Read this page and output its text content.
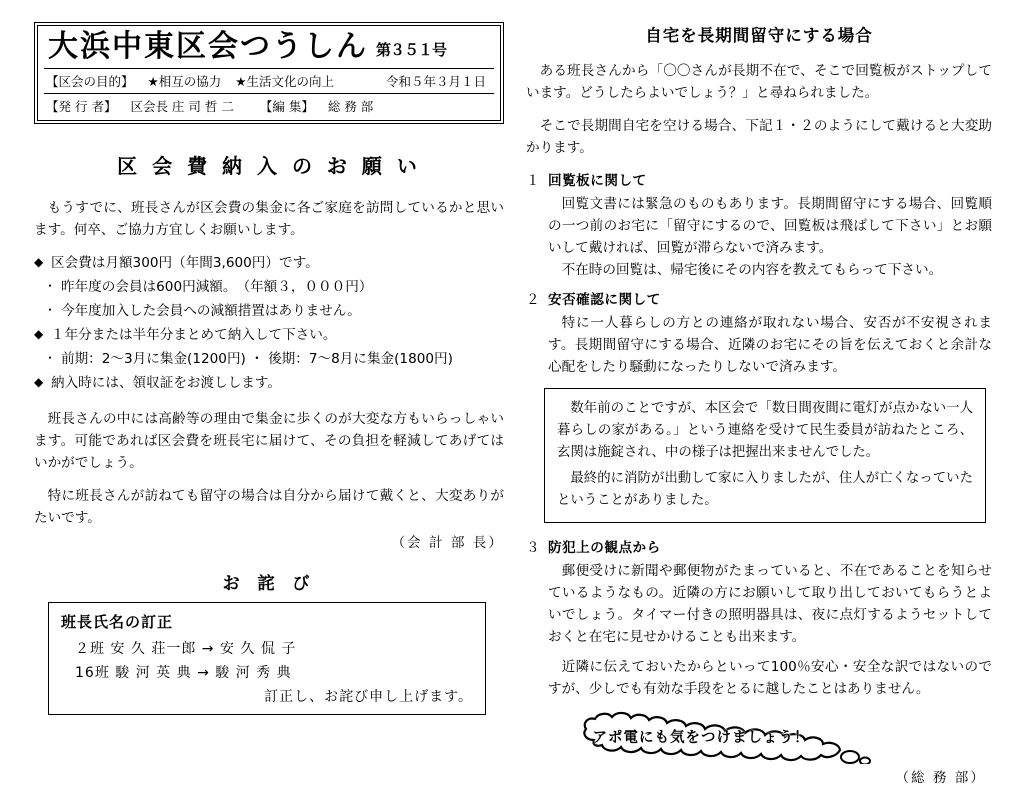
大浜中東区会つうしん 第３５１号
【区会の目的】 ★相互の協力 ★生活文化の向上	令和５年３月１日
【発 行 者】 区会長 庄 司 哲 二 【編 集】 総 務 部
区 会 費 納 入 の お 願 い

もうすでに、班長さんが区会費の集金に各ご家庭を訪問しているかと思います。何卒、ご協力方宜しくお願いします。

◆ 区会費は月額300円（年間3,600円）です。
・ 昨年度の会員は600円減額。　（年額３，０００円）
・ 今年度加入した会員への減額措置はありません。
◆ １年分または半年分まとめて納入して下さい。
・ 前期：2～3月に集金(1200円) ・ 後期：7～8月に集金(1800円)
◆ 納入時には、領収証をお渡しします。

班長さんの中には高齢等の理由で集金に歩くのが大変な方もいらっしゃいます。可能であれば区会費を班長宅に届けて、その負担を軽減してあげてはいかがでしょう。

特に班長さんが訪ねても留守の場合は自分から届けて戴くと、大変ありがたいです。

（会 計 部 長）

お 詫 び
班長氏名の訂正
２班 安 久 荘一郎 → 安 久 侃 子
16班 駿 河 英 典 → 駿 河 秀 典
訂正し、お詫び申し上げます。
自宅を長期間留守にする場合

ある班長さんから「〇〇さんが長期不在で、そこで回覧板がストップしています。どうしたらよいでしょう？」と尋ねられました。

そこで長期間自宅を空ける場合、下記１・２のようにして戴けると大変助かります。

１ 回覧板に関して

回覧文書には緊急のものもあります。長期間留守にする場合、回覧順の一つ前のお宅に「留守にするので、回覧板は飛ばして下さい」とお願いして戴ければ、回覧が滞らないで済みます。

不在時の回覧は、帰宅後にその内容を教えてもらって下さい。

２ 安否確認に関して

特に一人暮らしの方との連絡が取れない場合、安否が不安視されます。長期間留守にする場合、近隣のお宅にその旨を伝えておくと余計な心配をしたり騒動になったりしないで済みます。

数年前のことですが、本区会で「数日間夜間に電灯が点かない一人暮らしの家がある。」という連絡を受けて民生委員が訪ねたところ、玄関は施錠され、中の様子は把握出来ませんでした。

最終的に消防が出動して家に入りましたが、住人が亡くなっていたということがありました。

３ 防犯上の観点から

郵便受けに新聞や郵便物がたまっていると、不在であることを知らせているようなもの。近隣の方にお願いして取り出しておいてもらうとよいでしょう。タイマー付きの照明器具は、夜に点灯するようセットしておくと在宅に見せかけることも出来ます。

近隣に伝えておいたからといって100％安心・安全な訳ではないのですが、少しでも有効な手段をとるに越したことはありません。

アポ電にも気をつけましょう！
（総 務 部）
